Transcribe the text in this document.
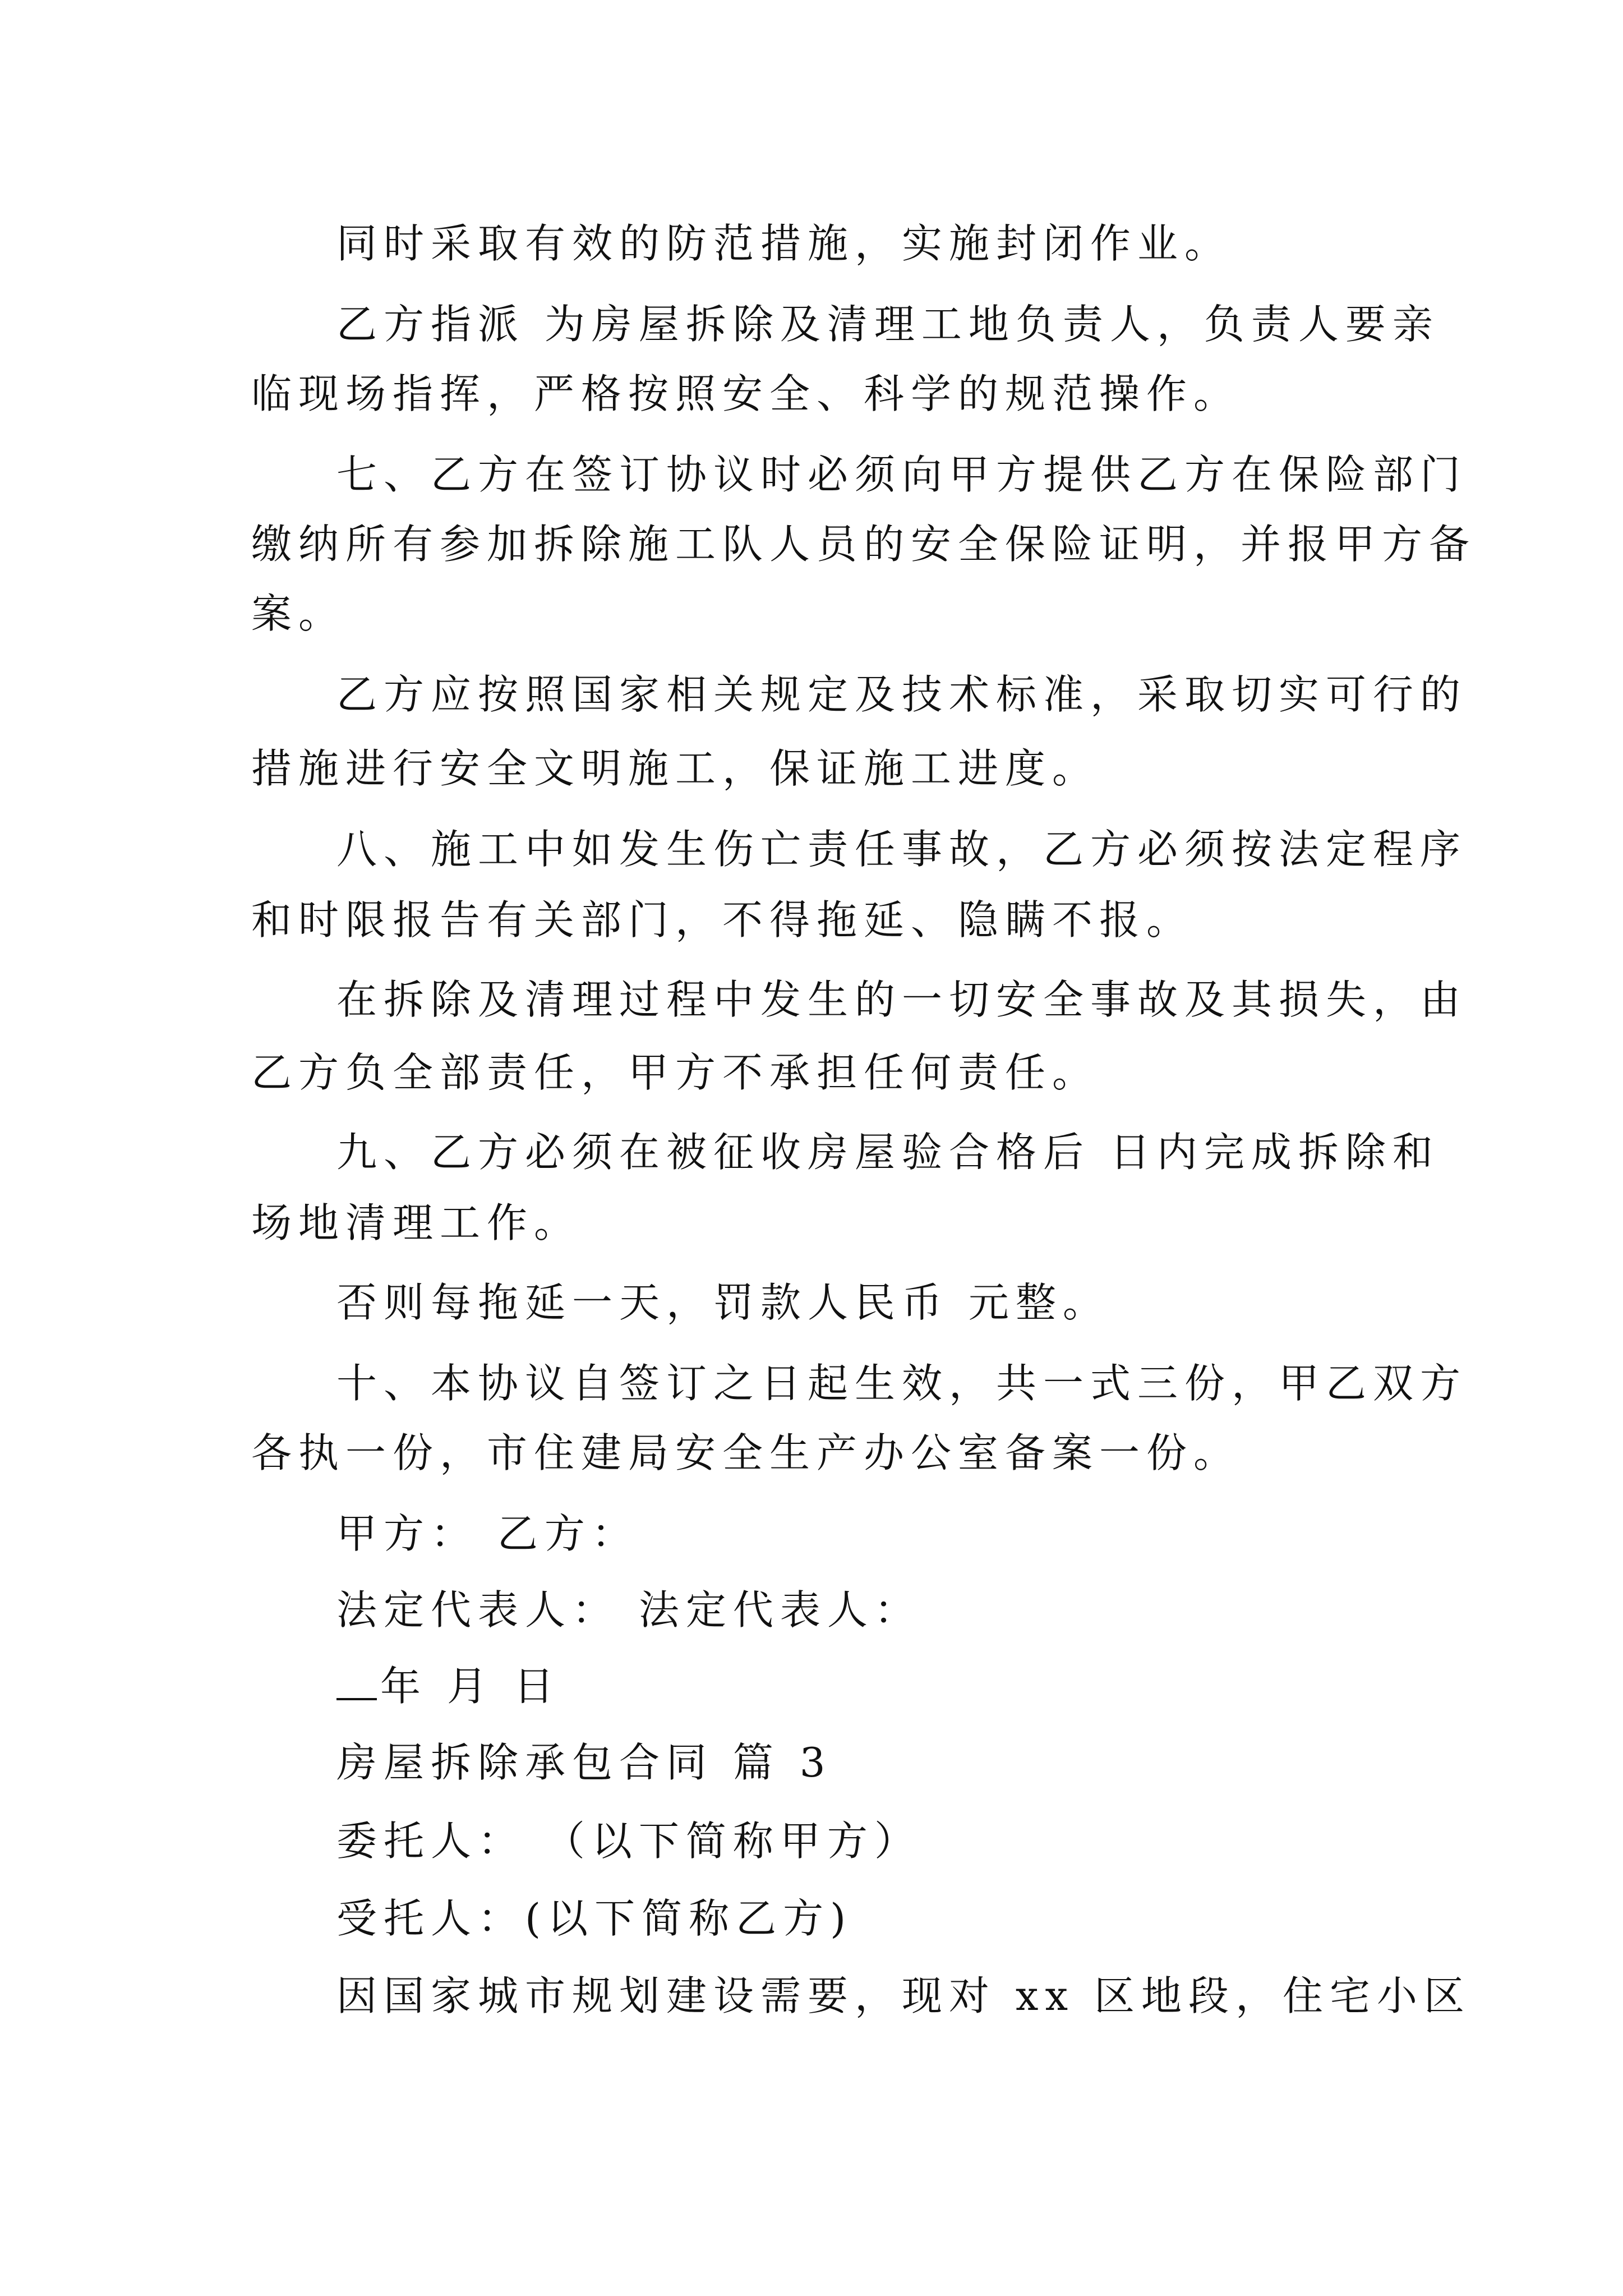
同时采取有效的防范措施，实施封闭作业。
乙方指派 为房屋拆除及清理工地负责人，负责人要亲
临现场指挥，严格按照安全、科学的规范操作。
七、乙方在签订协议时必须向甲方提供乙方在保险部门
缴纳所有参加拆除施工队人员的安全保险证明，并报甲方备
案。
乙方应按照国家相关规定及技术标准，采取切实可行的
措施进行安全文明施工，保证施工进度。
八、施工中如发生伤亡责任事故，乙方必须按法定程序
和时限报告有关部门，不得拖延、隐瞒不报。
在拆除及清理过程中发生的一切安全事故及其损失，由
乙方负全部责任，甲方不承担任何责任。
九、乙方必须在被征收房屋验合格后 日内完成拆除和
场地清理工作。
否则每拖延一天，罚款人民币 元整。
十、本协议自签订之日起生效，共一式三份，甲乙双方
各执一份，市住建局安全生产办公室备案一份。
甲方： 乙方：
法定代表人： 法定代表人：
年 月 日
房屋拆除承包合同 篇 3
委托人： （以下简称甲方）
受托人：(以下简称乙方)
因国家城市规划建设需要，现对 xx 区地段，住宅小区
